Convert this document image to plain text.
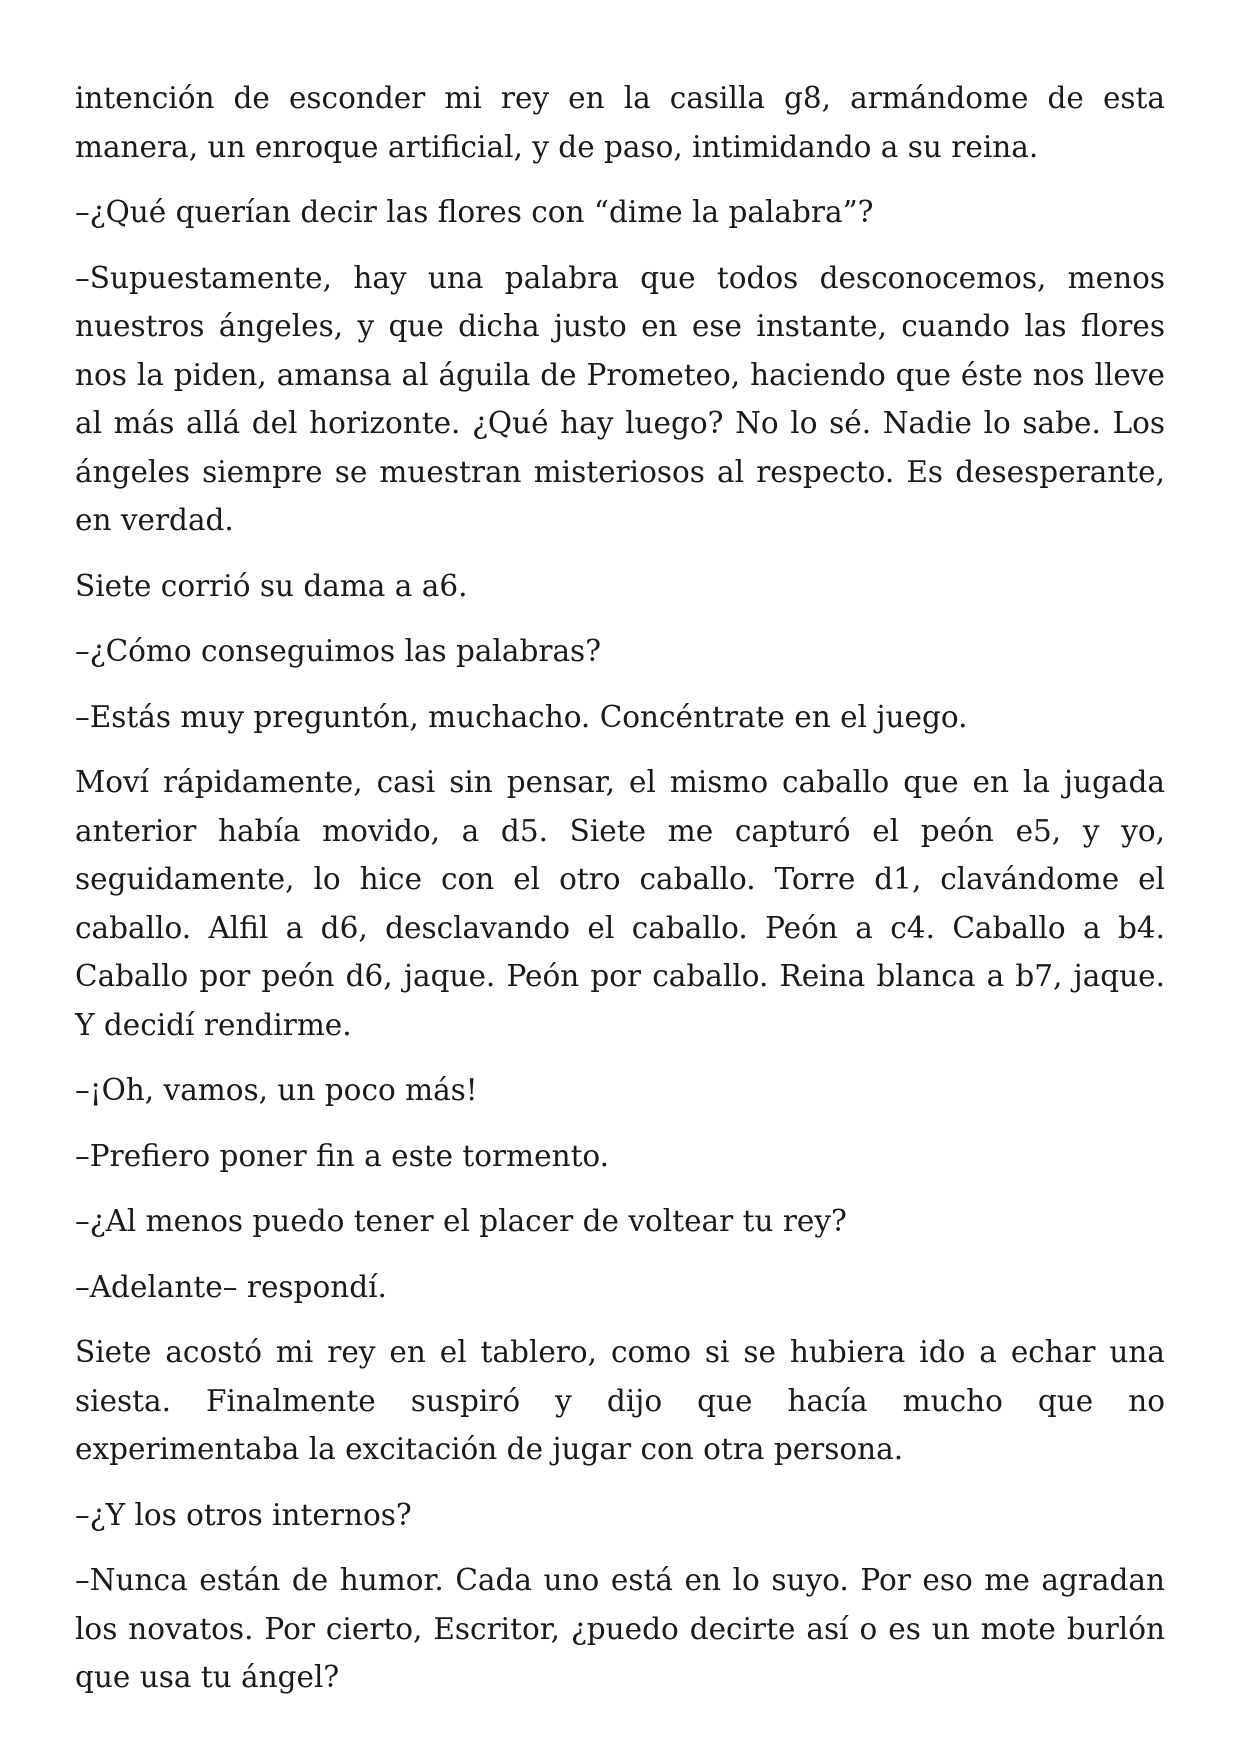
intención de esconder mi rey en la casilla g8, armándome de esta manera, un enroque artificial, y de paso, intimidando a su reina.

–¿Qué querían decir las flores con “dime la palabra”?

–Supuestamente, hay una palabra que todos desconocemos, menos nuestros ángeles, y que dicha justo en ese instante, cuando las flores nos la piden, amansa al águila de Prometeo, haciendo que éste nos lleve al más allá del horizonte. ¿Qué hay luego? No lo sé. Nadie lo sabe. Los ángeles siempre se muestran misteriosos al respecto. Es desesperante, en verdad.

Siete corrió su dama a a6.

–¿Cómo conseguimos las palabras?

–Estás muy preguntón, muchacho. Concéntrate en el juego.

Moví rápidamente, casi sin pensar, el mismo caballo que en la jugada anterior había movido, a d5. Siete me capturó el peón e5, y yo, seguidamente, lo hice con el otro caballo. Torre d1, clavándome el caballo. Alfil a d6, desclavando el caballo. Peón a c4. Caballo a b4. Caballo por peón d6, jaque. Peón por caballo. Reina blanca a b7, jaque. Y decidí rendirme.

–¡Oh, vamos, un poco más!

–Prefiero poner fin a este tormento.

–¿Al menos puedo tener el placer de voltear tu rey?

–Adelante– respondí.

Siete acostó mi rey en el tablero, como si se hubiera ido a echar una siesta. Finalmente suspiró y dijo que hacía mucho que no experimentaba la excitación de jugar con otra persona.

–¿Y los otros internos?

–Nunca están de humor. Cada uno está en lo suyo. Por eso me agradan los novatos. Por cierto, Escritor, ¿puedo decirte así o es un mote burlón que usa tu ángel?
